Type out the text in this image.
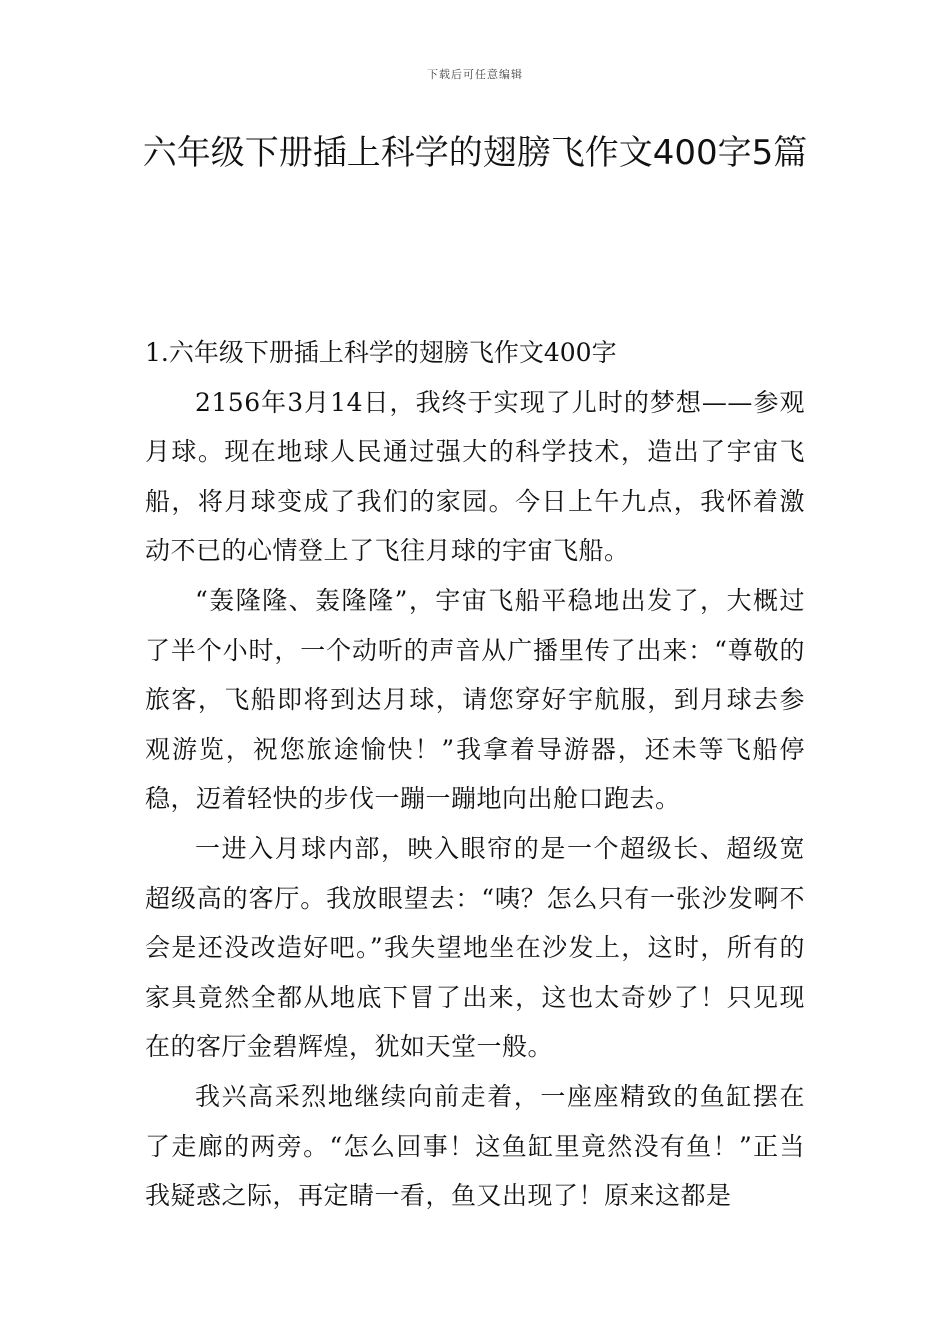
下载后可任意编辑
六年级下册插上科学的翅膀飞作文400字5篇

1.六年级下册插上科学的翅膀飞作文400字

2156年3月14日，我终于实现了儿时的梦想——参观月球。现在地球人民通过强大的科学技术，造出了宇宙飞船，将月球变成了我们的家园。今日上午九点，我怀着激动不已的心情登上了飞往月球的宇宙飞船。

“轰隆隆、轰隆隆”，宇宙飞船平稳地出发了，大概过了半个小时，一个动听的声音从广播里传了出来：“尊敬的旅客，飞船即将到达月球，请您穿好宇航服，到月球去参观游览，祝您旅途愉快！”我拿着导游器，还未等飞船停稳，迈着轻快的步伐一蹦一蹦地向出舱口跑去。

一进入月球内部，映入眼帘的是一个超级长、超级宽超级高的客厅。我放眼望去：“咦？怎么只有一张沙发啊不会是还没改造好吧。”我失望地坐在沙发上，这时，所有的家具竟然全都从地底下冒了出来，这也太奇妙了！只见现在的客厅金碧辉煌，犹如天堂一般。

我兴高采烈地继续向前走着，一座座精致的鱼缸摆在了走廊的两旁。“怎么回事！这鱼缸里竟然没有鱼！”正当我疑惑之际，再定睛一看，鱼又出现了！原来这都是
